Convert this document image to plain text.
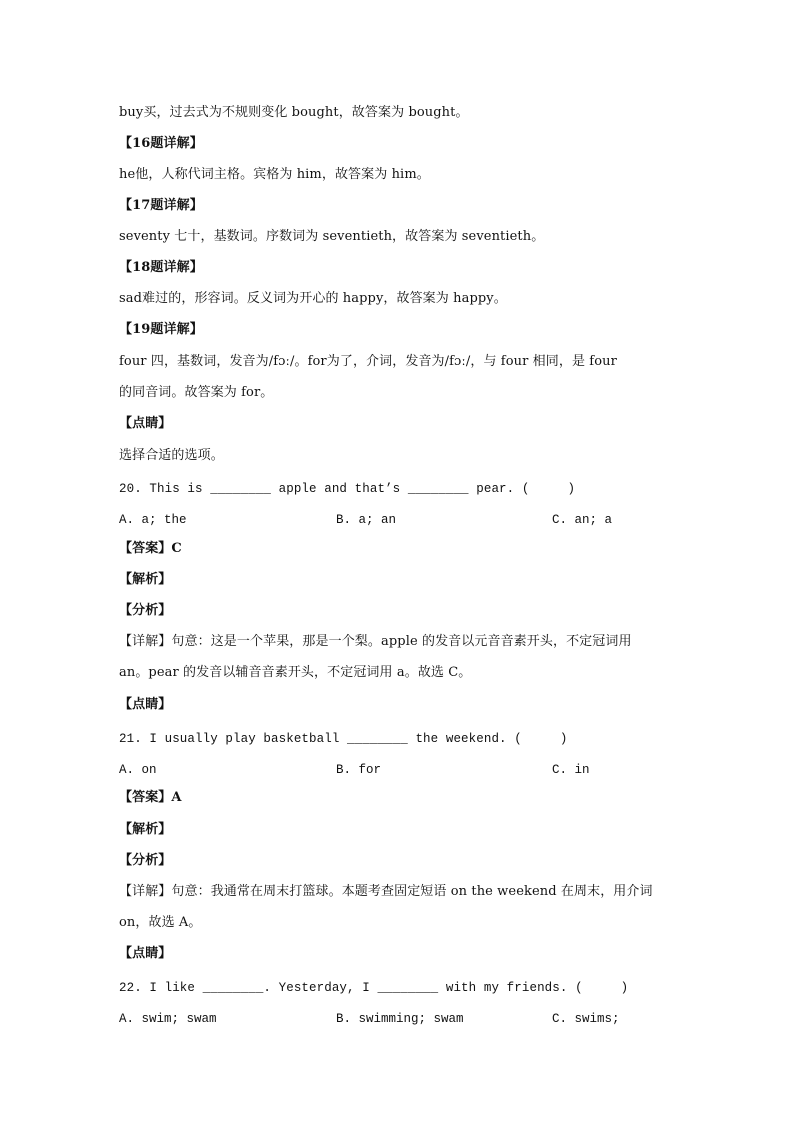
buy买，过去式为不规则变化 bought，故答案为 bought。

【16题详解】

he他，人称代词主格。宾格为 him，故答案为 him。

【17题详解】

seventy 七十，基数词。序数词为 seventieth，故答案为 seventieth。

【18题详解】

sad难过的，形容词。反义词为开心的 happy，故答案为 happy。

【19题详解】

four 四，基数词，发音为/fɔː/。for为了，介词，发音为/fɔː/，与 four 相同，是 four

的同音词。故答案为 for。

【点睛】

选择合适的选项。

20. This is ________ apple and that’s ________ pear. (     )

A. a; the	B. a; an	C. an; a

【答案】C

【解析】

【分析】

【详解】句意：这是一个苹果，那是一个梨。apple 的发音以元音音素开头，不定冠词用

an。pear 的发音以辅音音素开头，不定冠词用 a。故选 C。

【点睛】

21. I usually play basketball ________ the weekend. (     )

A. on	B. for	C. in

【答案】A

【解析】

【分析】

【详解】句意：我通常在周末打篮球。本题考查固定短语 on the weekend 在周末，用介词

on，故选 A。

【点睛】

22. I like ________. Yesterday, I ________ with my friends. (     )

A. swim; swam	B. swimming; swam	C. swims;
